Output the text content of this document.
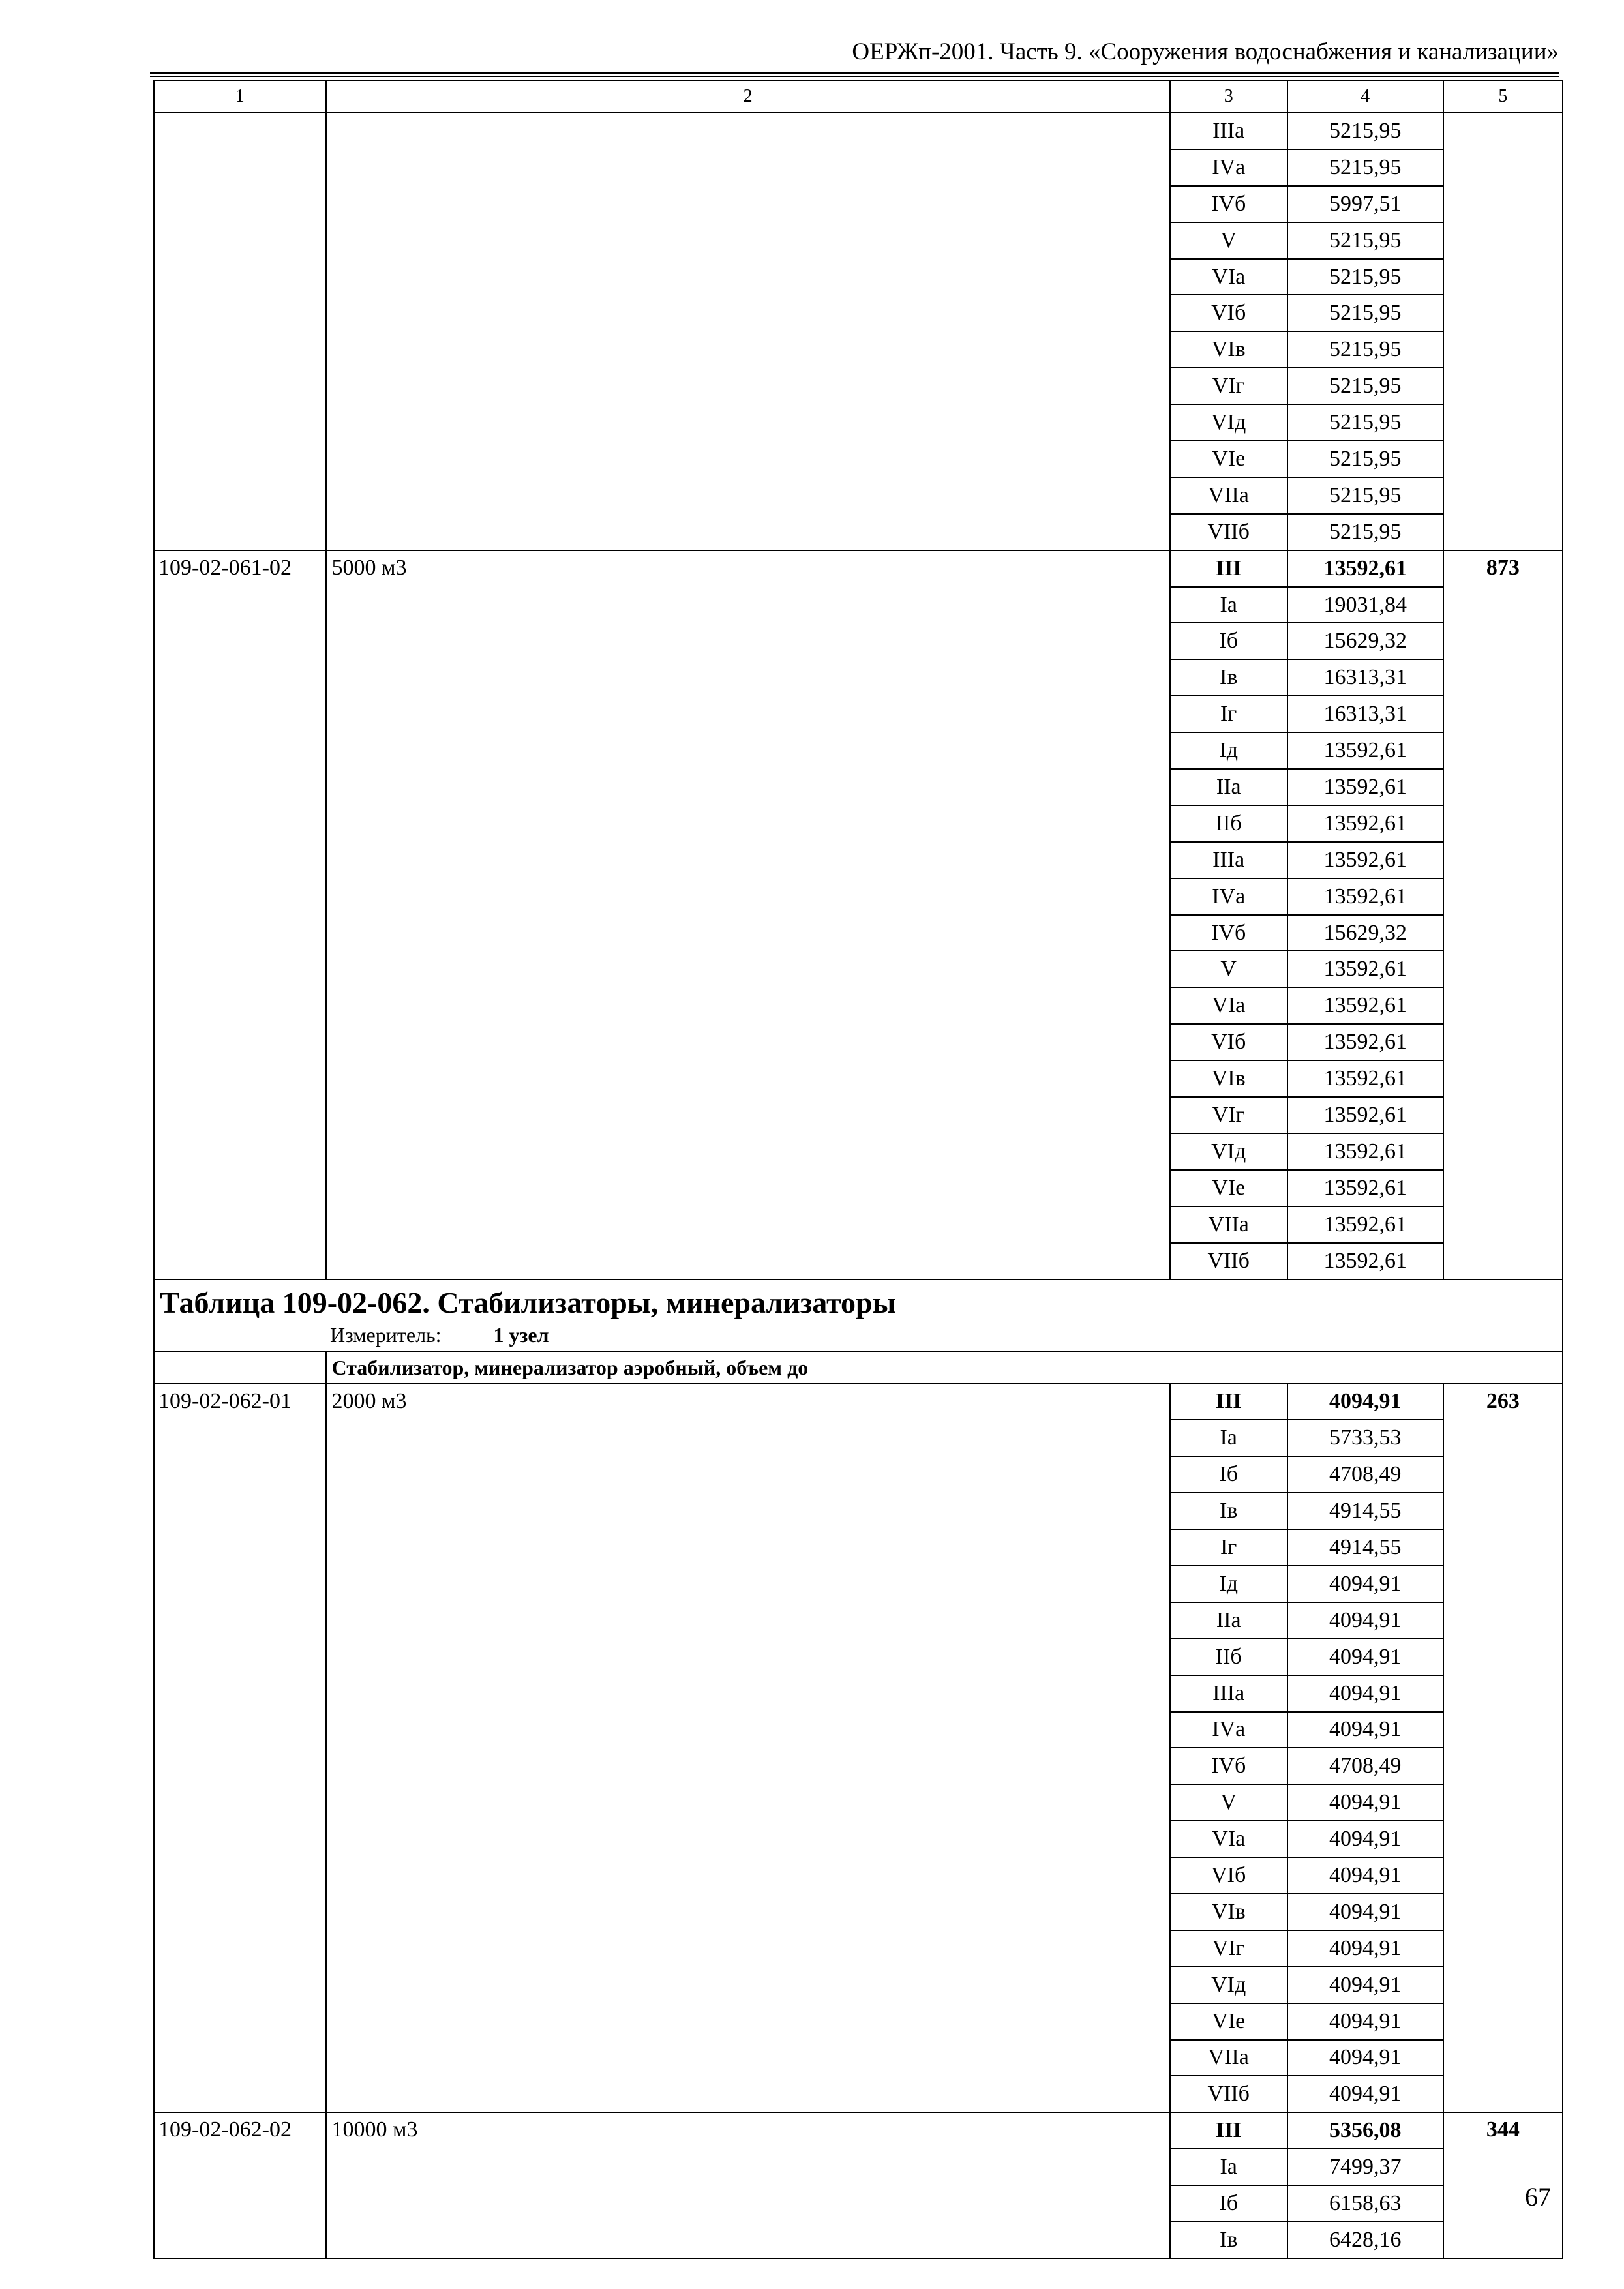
ОЕРЖп-2001. Часть 9. «Сооружения водоснабжения и канализации»
1	2	3	4	5
		IIIа	5215,95	
		IVа	5215,95	
		IVб	5997,51	
		V	5215,95	
		VIа	5215,95	
		VIб	5215,95	
		VIв	5215,95	
		VIг	5215,95	
		VIд	5215,95	
		VIе	5215,95	
		VIIа	5215,95	
		VIIб	5215,95	
109-02-061-02	5000 м3	III	13592,61	873
		Iа	19031,84	
		Iб	15629,32	
		Iв	16313,31	
		Iг	16313,31	
		Iд	13592,61	
		IIа	13592,61	
		IIб	13592,61	
		IIIа	13592,61	
		IVа	13592,61	
		IVб	15629,32	
		V	13592,61	
		VIа	13592,61	
		VIб	13592,61	
		VIв	13592,61	
		VIг	13592,61	
		VIд	13592,61	
		VIе	13592,61	
		VIIа	13592,61	
		VIIб	13592,61	

Таблица 109-02-062. Стабилизаторы, минерализаторы
Измеритель: 1 узел				

	Стабилизатор, минерализатор аэробный, объем до			
109-02-062-01	2000 м3	III	4094,91	263
		Iа	5733,53	
		Iб	4708,49	
		Iв	4914,55	
		Iг	4914,55	
		Iд	4094,91	
		IIа	4094,91	
		IIб	4094,91	
		IIIа	4094,91	
		IVа	4094,91	
		IVб	4708,49	
		V	4094,91	
		VIа	4094,91	
		VIб	4094,91	
		VIв	4094,91	
		VIг	4094,91	
		VIд	4094,91	
		VIе	4094,91	
		VIIа	4094,91	
		VIIб	4094,91	
109-02-062-02	10000 м3	III	5356,08	344
		Iа	7499,37	
		Iб	6158,63	
		Iв	6428,16	
67
